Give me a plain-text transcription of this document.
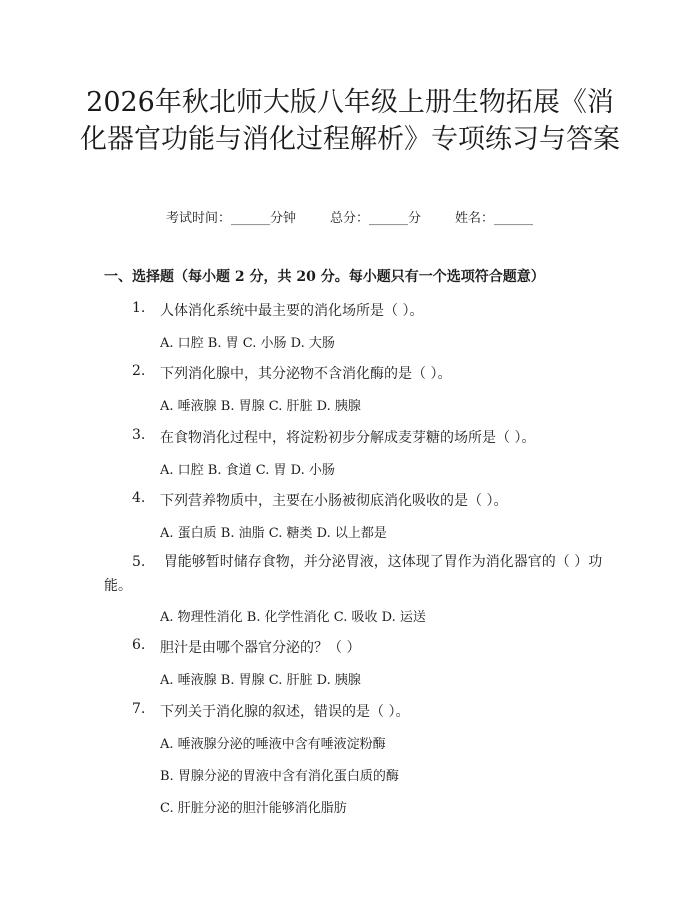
2026年秋北师大版八年级上册生物拓展《消化器官功能与消化过程解析》专项练习与答案
考试时间：______分钟	总分：______分	姓名：______
一、选择题（每小题 2 分，共 20 分。每小题只有一个选项符合题意）
1. 人体消化系统中最主要的消化场所是（ ）。
A. 口腔 B. 胃 C. 小肠 D. 大肠
2. 下列消化腺中，其分泌物不含消化酶的是（ ）。
A. 唾液腺 B. 胃腺 C. 肝脏 D. 胰腺
3. 在食物消化过程中，将淀粉初步分解成麦芽糖的场所是（ ）。
A. 口腔 B. 食道 C. 胃 D. 小肠
4. 下列营养物质中，主要在小肠被彻底消化吸收的是（ ）。
A. 蛋白质 B. 油脂 C. 糖类 D. 以上都是
5. 胃能够暂时储存食物，并分泌胃液，这体现了胃作为消化器官的（ ）功能。
A. 物理性消化 B. 化学性消化 C. 吸收 D. 运送
6. 胆汁是由哪个器官分泌的？（ ）
A. 唾液腺 B. 胃腺 C. 肝脏 D. 胰腺
7. 下列关于消化腺的叙述，错误的是（ ）。
A. 唾液腺分泌的唾液中含有唾液淀粉酶
B. 胃腺分泌的胃液中含有消化蛋白质的酶
C. 肝脏分泌的胆汁能够消化脂肪
